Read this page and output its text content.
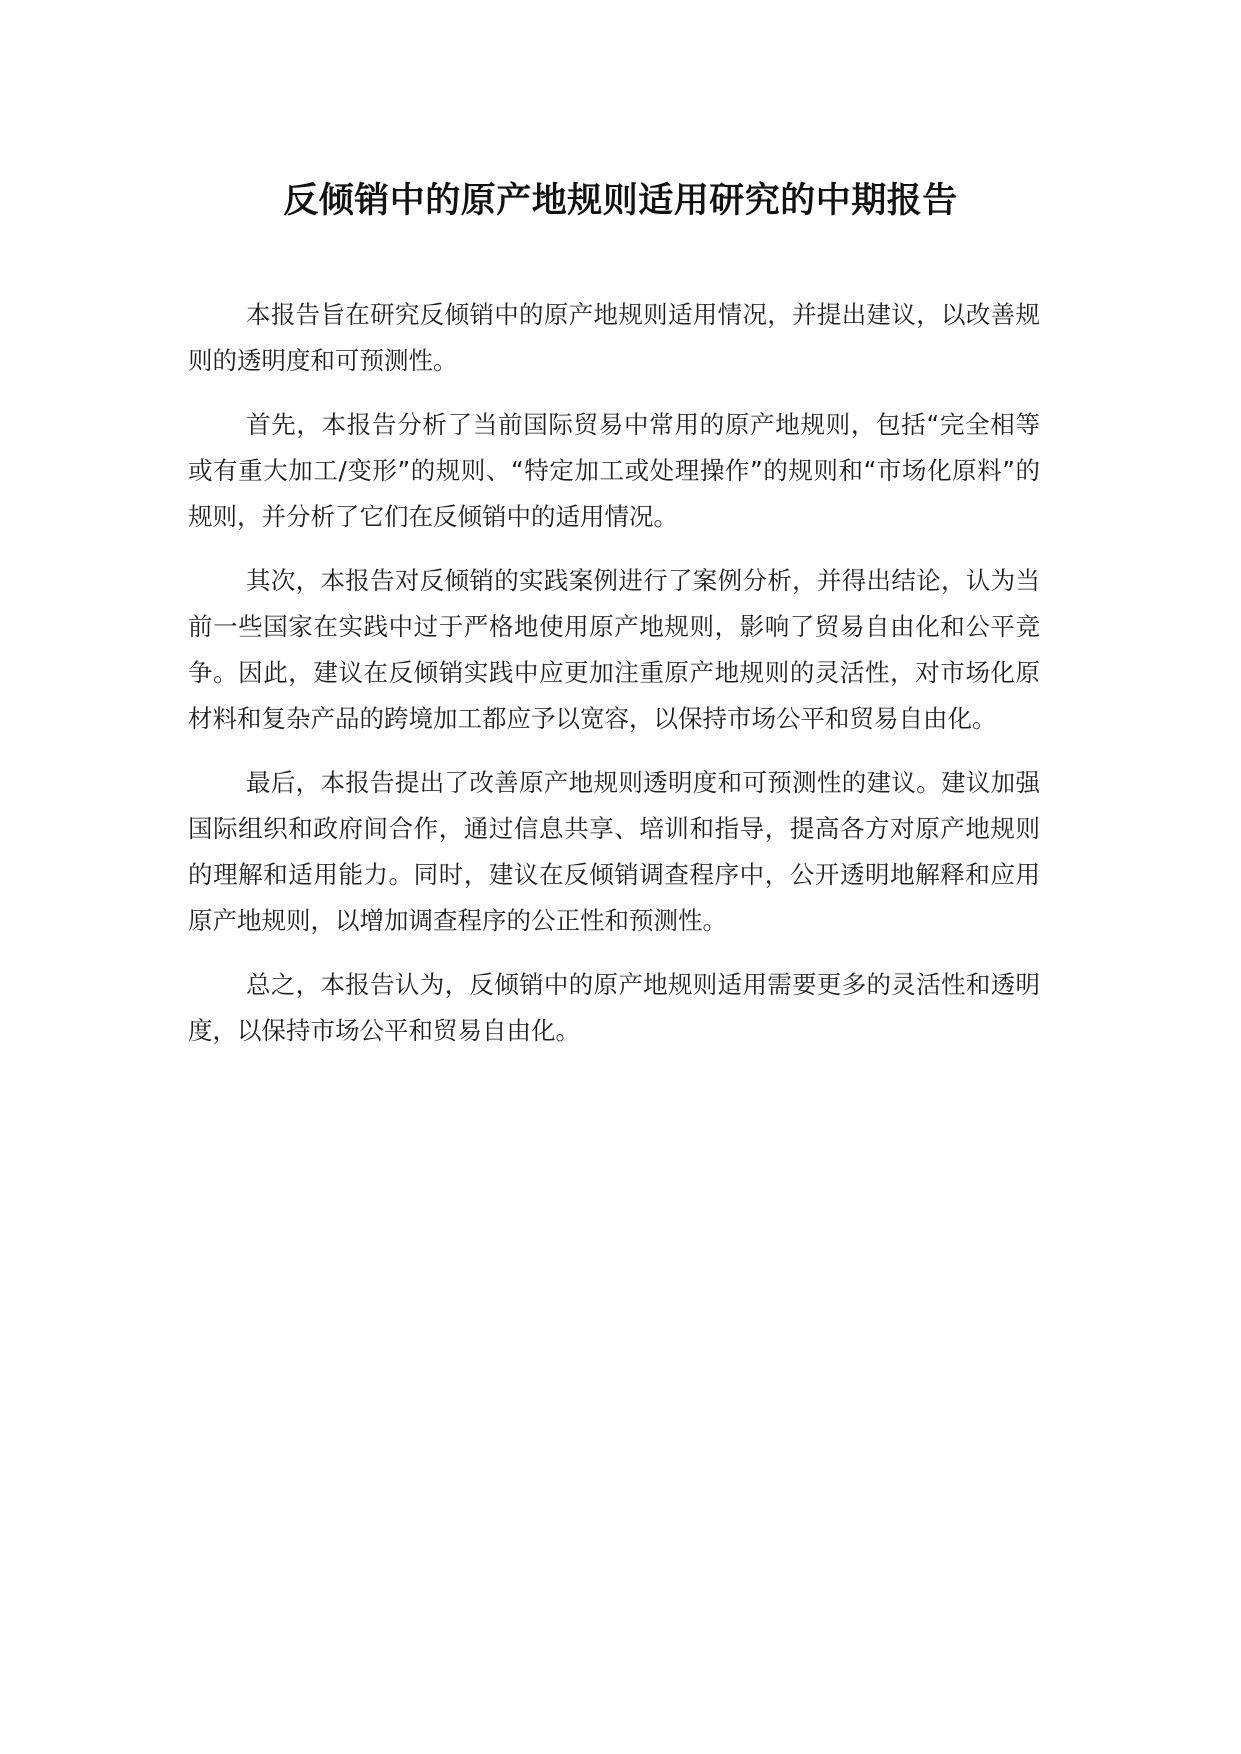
反倾销中的原产地规则适用研究的中期报告

本报告旨在研究反倾销中的原产地规则适用情况，并提出建议，以改善规则的透明度和可预测性。

首先，本报告分析了当前国际贸易中常用的原产地规则，包括“完全相等或有重大加工/变形”的规则、“特定加工或处理操作”的规则和“市场化原料”的规则，并分析了它们在反倾销中的适用情况。

其次，本报告对反倾销的实践案例进行了案例分析，并得出结论，认为当前一些国家在实践中过于严格地使用原产地规则，影响了贸易自由化和公平竞争。因此，建议在反倾销实践中应更加注重原产地规则的灵活性，对市场化原材料和复杂产品的跨境加工都应予以宽容，以保持市场公平和贸易自由化。

最后，本报告提出了改善原产地规则透明度和可预测性的建议。建议加强国际组织和政府间合作，通过信息共享、培训和指导，提高各方对原产地规则的理解和适用能力。同时，建议在反倾销调查程序中，公开透明地解释和应用原产地规则，以增加调查程序的公正性和预测性。

总之，本报告认为，反倾销中的原产地规则适用需要更多的灵活性和透明度，以保持市场公平和贸易自由化。
